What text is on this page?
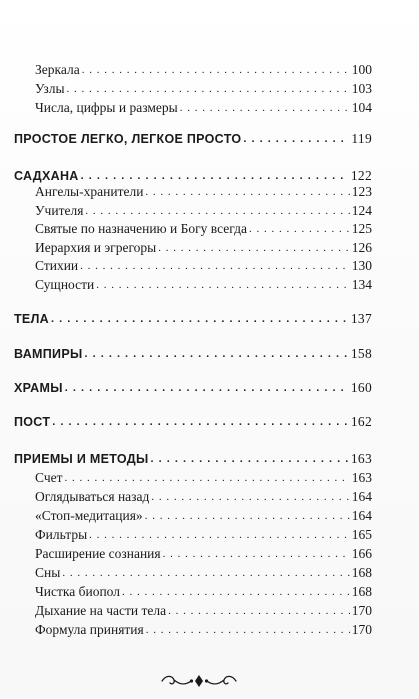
Зеркала . . .	100
Узлы . . .	103
Числа, цифры и размеры . . .	104
ПРОСТОЕ ЛЕГКО, ЛЕГКОЕ ПРОСТО . . .	119
САДХАНА . . .	122
Ангелы-хранители . . .	123
Учителя . . .	124
Святые по назначению и Богу всегда . . .	125
Иерархия и эгрегоры . . .	126
Стихии . . .	130
Сущности . . .	134
ТЕЛА . . .	137
ВАМПИРЫ . . .	158
ХРАМЫ . . .	160
ПОСТ . . .	162
ПРИЕМЫ И МЕТОДЫ . . .	163
Счет . . .	163
Оглядываться назад . . .	164
«Стоп-медитация» . . .	164
Фильтры . . .	165
Расширение сознания . . .	166
Сны . . .	168
Чистка биопол . . .	168
Дыхание на части тела . . .	170
Формула принятия . . .	170
